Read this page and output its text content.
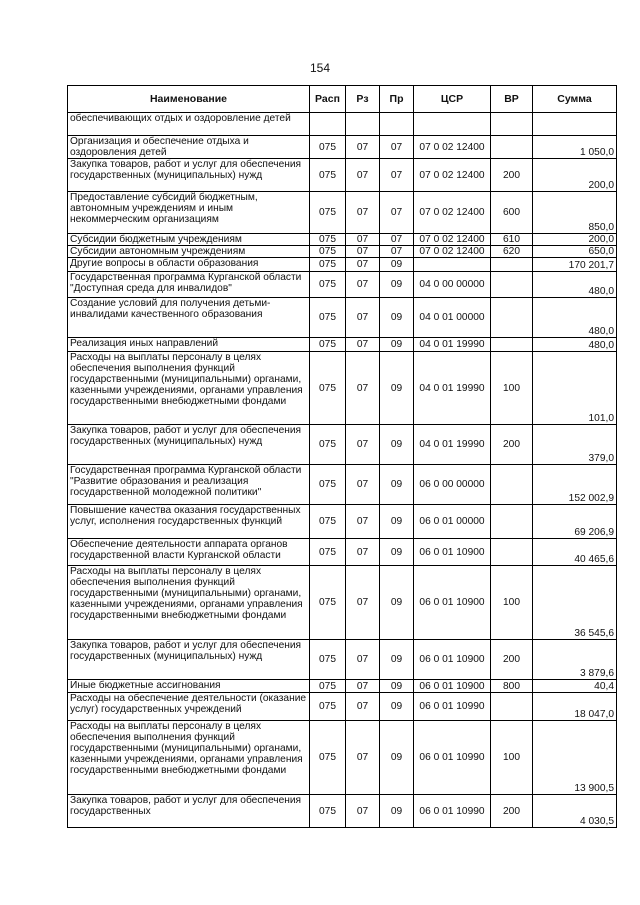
154
Наименование	Расп	Рз	Пр	ЦСР	ВР	Сумма
обеспечивающих отдых и оздоровление детей						
Организация и обеспечение отдыха и оздоровления детей	075	07	07	07 0 02 12400		1 050,0
Закупка товаров, работ и услуг для обеспечения государственных (муниципальных) нужд	075	07	07	07 0 02 12400	200	200,0
Предоставление субсидий бюджетным, автономным учреждениям и иным некоммерческим организациям	075	07	07	07 0 02 12400	600	850,0
Субсидии бюджетным учреждениям	075	07	07	07 0 02 12400	610	200,0
Субсидии автономным учреждениям	075	07	07	07 0 02 12400	620	650,0
Другие вопросы в области образования	075	07	09			170 201,7
Государственная программа Курганской области "Доступная среда для инвалидов"	075	07	09	04 0 00 00000		480,0
Создание условий для получения детьми-инвалидами качественного образования	075	07	09	04 0 01 00000		480,0
Реализация иных направлений	075	07	09	04 0 01 19990		480,0
Расходы на выплаты персоналу в целях обеспечения выполнения функций государственными (муниципальными) органами, казенными учреждениями, органами управления государственными внебюджетными фондами	075	07	09	04 0 01 19990	100	101,0
Закупка товаров, работ и услуг для обеспечения государственных (муниципальных) нужд	075	07	09	04 0 01 19990	200	379,0
Государственная программа Курганской области "Развитие образования и реализация государственной молодежной политики"	075	07	09	06 0 00 00000		152 002,9
Повышение качества оказания государственных услуг, исполнения государственных функций	075	07	09	06 0 01 00000		69 206,9
Обеспечение деятельности аппарата органов государственной власти Курганской области	075	07	09	06 0 01 10900		40 465,6
Расходы на выплаты персоналу в целях обеспечения выполнения функций государственными (муниципальными) органами, казенными учреждениями, органами управления государственными внебюджетными фондами	075	07	09	06 0 01 10900	100	36 545,6
Закупка товаров, работ и услуг для обеспечения государственных (муниципальных) нужд	075	07	09	06 0 01 10900	200	3 879,6
Иные бюджетные ассигнования	075	07	09	06 0 01 10900	800	40,4
Расходы на обеспечение деятельности (оказание услуг) государственных учреждений	075	07	09	06 0 01 10990		18 047,0
Расходы на выплаты персоналу в целях обеспечения выполнения функций государственными (муниципальными) органами, казенными учреждениями, органами управления государственными внебюджетными фондами	075	07	09	06 0 01 10990	100	13 900,5
Закупка товаров, работ и услуг для обеспечения государственных	075	07	09	06 0 01 10990	200	4 030,5
